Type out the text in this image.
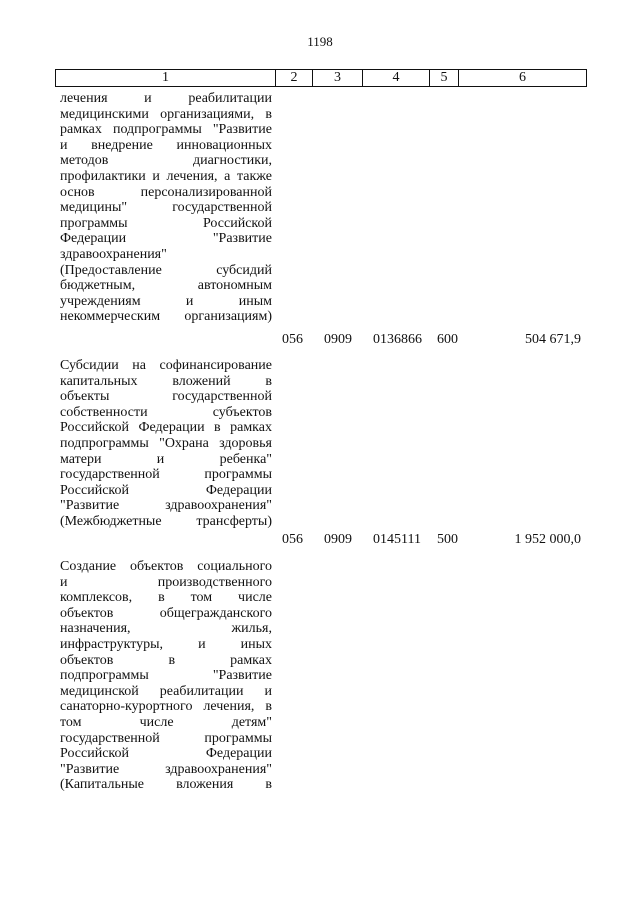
1198
1	2	3	4	5	6
лечения и реабилитации
медицинскими организациями, в
рамках подпрограммы "Развитие
и внедрение инновационных
методов диагностики,
профилактики и лечения, а также
основ персонализированной
медицины" государственной
программы Российской
Федерации "Развитие
здравоохранения"
(Предоставление субсидий
бюджетным, автономным
учреждениям и иным
некоммерческим организациям)
056 0909 0136866 600	504 671,9
Субсидии на софинансирование
капитальных вложений в
объекты государственной
собственности субъектов
Российской Федерации в рамках
подпрограммы "Охрана здоровья
матери и ребенка"
государственной программы
Российской Федерации
"Развитие здравоохранения"
(Межбюджетные трансферты)
056 0909 0145111 500	1 952 000,0
Создание объектов социального
и производственного
комплексов, в том числе
объектов общегражданского
назначения, жилья,
инфраструктуры, и иных
объектов в рамках
подпрограммы "Развитие
медицинской реабилитации и
санаторно-курортного лечения, в
том числе детям"
государственной программы
Российской Федерации
"Развитие здравоохранения"
(Капитальные вложения в
